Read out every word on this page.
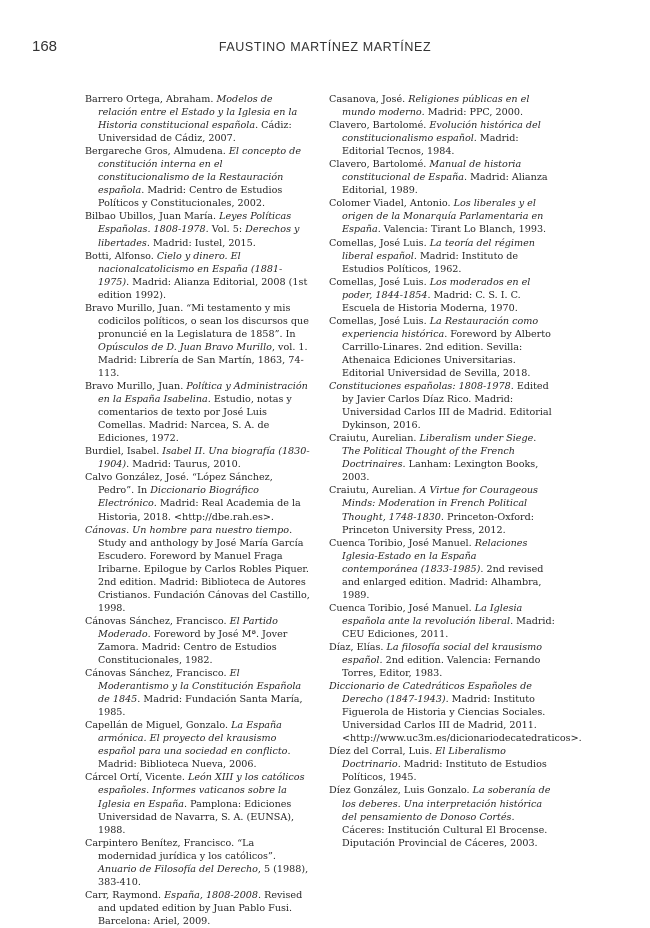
168	FAUSTINO MARTÍNEZ MARTÍNEZ

Barrero Ortega, Abraham. Modelos de relación entre el Estado y la Iglesia en la Historia constitucional española. Cádiz: Universidad de Cádiz, 2007.

Bergareche Gros, Almudena. El concepto de constitución interna en el constitucionalismo de la Restauración española. Madrid: Centro de Estudios Políticos y Constitucionales, 2002.

Bilbao Ubillos, Juan María. Leyes Políticas Españolas. 1808-1978. Vol. 5: Derechos y libertades. Madrid: Iustel, 2015.

Botti, Alfonso. Cielo y dinero. El nacionalcatolicismo en España (1881-1975). Madrid: Alianza Editorial, 2008 (1st edition 1992).

Bravo Murillo, Juan. “Mi testamento y mis codicilos políticos, o sean los discursos que pronuncié en la Legislatura de 1858”. In Opúsculos de D. Juan Bravo Murillo, vol. 1. Madrid: Librería de San Martín, 1863, 74-113.

Bravo Murillo, Juan. Política y Administración en la España Isabelina. Estudio, notas y comentarios de texto por José Luis Comellas. Madrid: Narcea, S. A. de Ediciones, 1972.

Burdiel, Isabel. Isabel II. Una biografía (1830-1904). Madrid: Taurus, 2010.

Calvo González, José. “López Sánchez, Pedro”. In Diccionario Biográfico Electrónico. Madrid: Real Academia de la Historia, 2018. <http://dbe.rah.es>.

Cánovas. Un hombre para nuestro tiempo. Study and anthology by José María García Escudero. Foreword by Manuel Fraga Iribarne. Epilogue by Carlos Robles Piquer. 2nd edition. Madrid: Biblioteca de Autores Cristianos. Fundación Cánovas del Castillo, 1998.

Cánovas Sánchez, Francisco. El Partido Moderado. Foreword by José Mª. Jover Zamora. Madrid: Centro de Estudios Constitucionales, 1982.

Cánovas Sánchez, Francisco. El Moderantismo y la Constitución Española de 1845. Madrid: Fundación Santa María, 1985.

Capellán de Miguel, Gonzalo. La España armónica. El proyecto del krausismo español para una sociedad en conflicto. Madrid: Biblioteca Nueva, 2006.

Cárcel Ortí, Vicente. León XIII y los católicos españoles. Informes vaticanos sobre la Iglesia en España. Pamplona: Ediciones Universidad de Navarra, S. A. (EUNSA), 1988.

Carpintero Benítez, Francisco. “La modernidad jurídica y los católicos”. Anuario de Filosofía del Derecho, 5 (1988), 383-410.

Carr, Raymond. España, 1808-2008. Revised and updated edition by Juan Pablo Fusi. Barcelona: Ariel, 2009.

Casanova, José. Religiones públicas en el mundo moderno. Madrid: PPC, 2000.

Clavero, Bartolomé. Evolución histórica del constitucionalismo español. Madrid: Editorial Tecnos, 1984.

Clavero, Bartolomé. Manual de historia constitucional de España. Madrid: Alianza Editorial, 1989.

Colomer Viadel, Antonio. Los liberales y el origen de la Monarquía Parlamentaria en España. Valencia: Tirant Lo Blanch, 1993.

Comellas, José Luis. La teoría del régimen liberal español. Madrid: Instituto de Estudios Políticos, 1962.

Comellas, José Luis. Los moderados en el poder, 1844-1854. Madrid: C. S. I. C. Escuela de Historia Moderna, 1970.

Comellas, José Luis. La Restauración como experiencia histórica. Foreword by Alberto Carrillo-Linares. 2nd edition. Sevilla: Athenaica Ediciones Universitarias. Editorial Universidad de Sevilla, 2018.

Constituciones españolas: 1808-1978. Edited by Javier Carlos Díaz Rico. Madrid: Universidad Carlos III de Madrid. Editorial Dykinson, 2016.

Craiutu, Aurelian. Liberalism under Siege. The Political Thought of the French Doctrinaires. Lanham: Lexington Books, 2003.

Craiutu, Aurelian. A Virtue for Courageous Minds: Moderation in French Political Thought, 1748-1830. Princeton-Oxford: Princeton University Press, 2012.

Cuenca Toribio, José Manuel. Relaciones Iglesia-Estado en la España contemporánea (1833-1985). 2nd revised and enlarged edition. Madrid: Alhambra, 1989.

Cuenca Toribio, José Manuel. La Iglesia española ante la revolución liberal. Madrid: CEU Ediciones, 2011.

Díaz, Elías. La filosofía social del krausismo español. 2nd edition. Valencia: Fernando Torres, Editor, 1983.

Diccionario de Catedráticos Españoles de Derecho (1847-1943). Madrid: Instituto Figuerola de Historia y Ciencias Sociales. Universidad Carlos III de Madrid, 2011. <http://www.uc3m.es/dicionariodecatedraticos>.

Díez del Corral, Luis. El Liberalismo Doctrinario. Madrid: Instituto de Estudios Políticos, 1945.

Díez González, Luis Gonzalo. La soberanía de los deberes. Una interpretación histórica del pensamiento de Donoso Cortés. Cáceres: Institución Cultural El Brocense. Diputación Provincial de Cáceres, 2003.
